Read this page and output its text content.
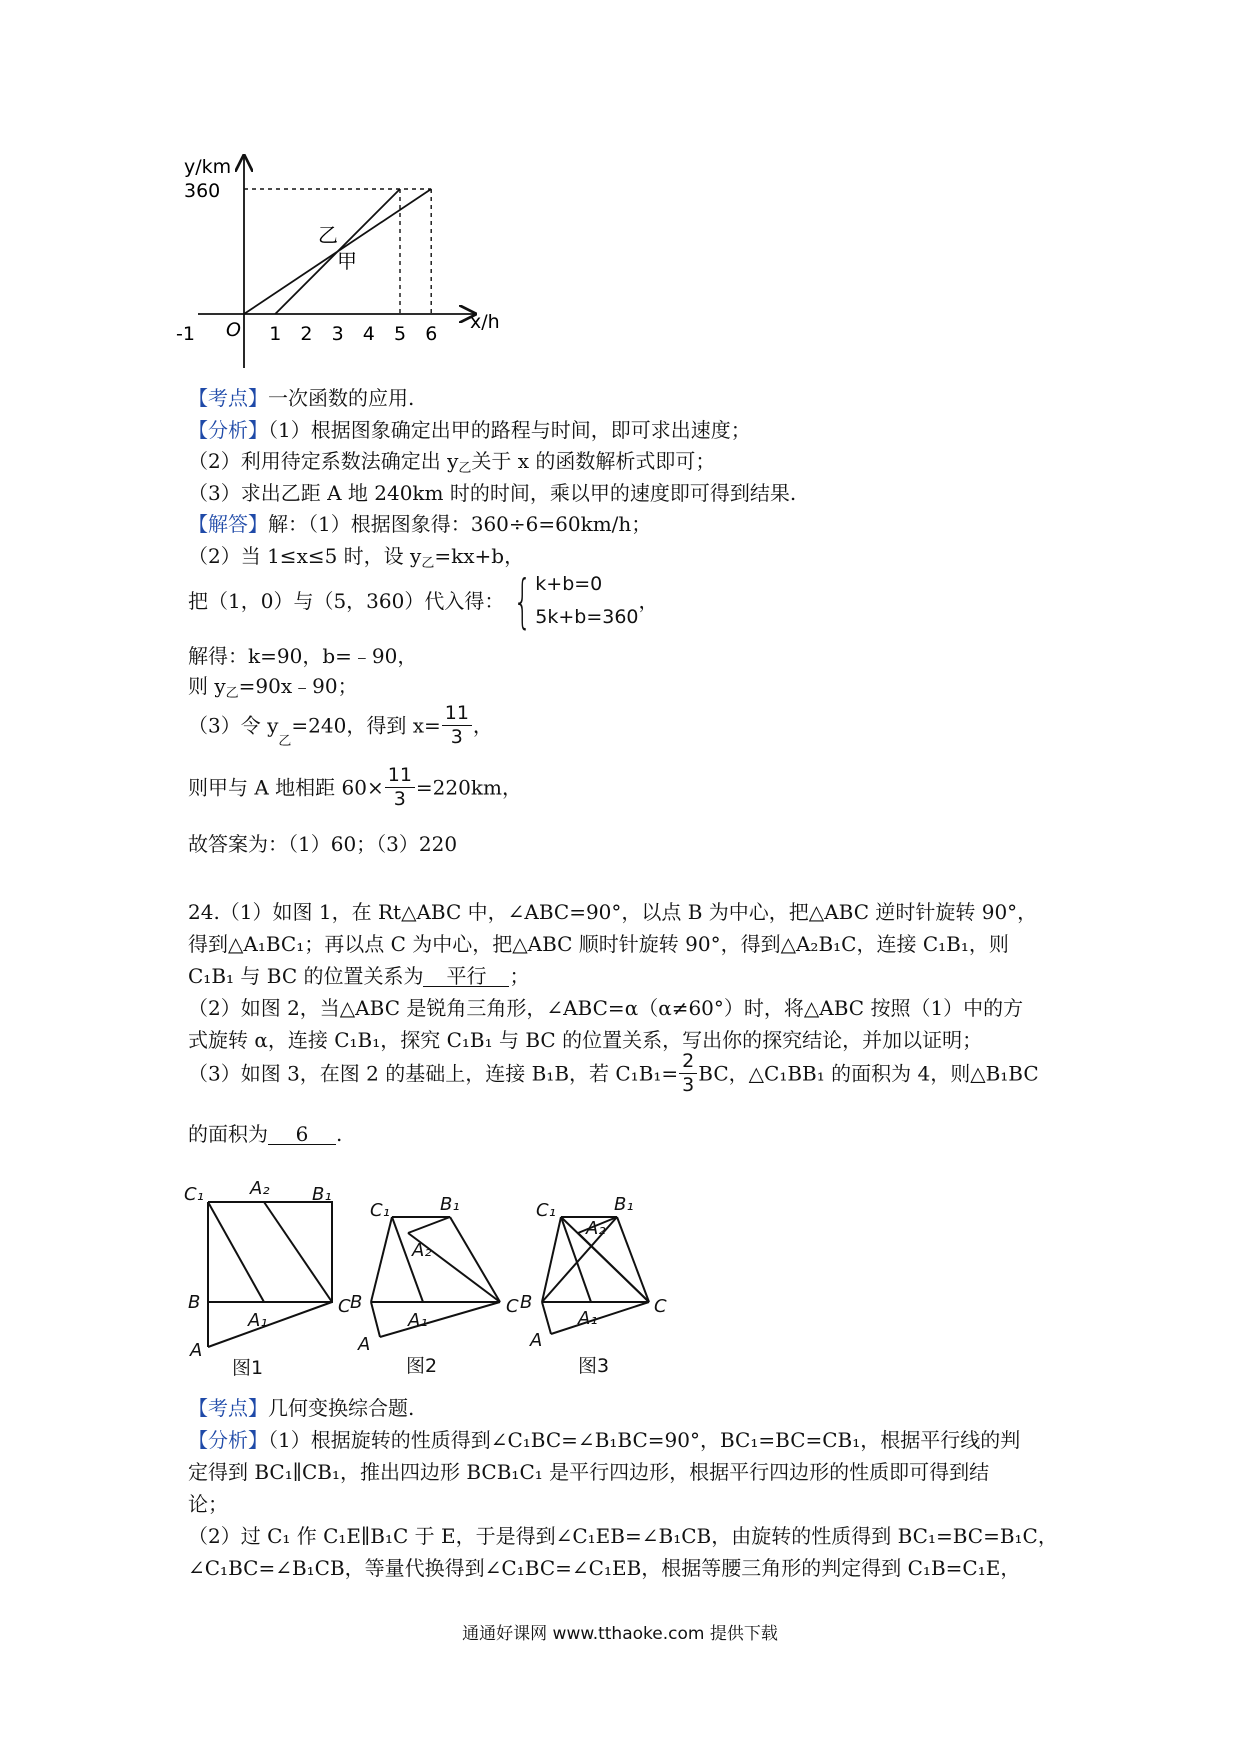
1 2 3 4 5 6
y/km
x/h
360
-1 O
乙
甲
【考点】一次函数的应用.
【分析】（1）根据图象确定出甲的路程与时间，即可求出速度；
（2）利用待定系数法确定出 $y_乙$关于 x 的函数解析式即可；
（3）求出乙距 A 地 240km 时的时间，乘以甲的速度即可得到结果.
【解答】解：（1）根据图象得：360÷6=60km/h；
（2）当 1≤x≤5 时，设 $y_乙=kx+b$，
把（1，0）与（5，360）代入得： { k+b=0
5k+b=360
，
解得：k=90，b=﹣90，
则 $y_乙=90x﹣90$；
（3）令 $y_乙=240$，得到 $x= \frac{11}{3}$ ，
则甲与 A 地相距 $60\times \frac{11}{3} =220km$，
故答案为：（1）60；（3）220
24.（1）如图 1，在 Rt△ABC 中，∠ABC=90°，以点 B 为中心，把△ABC 逆时针旋转 90°，
得到△A₁BC₁；再以点 C 为中心，把△ABC 顺时针旋转 90°，得到△A₂B₁C，连接 C₁B₁，则
C₁B₁ 与 BC 的位置关系为 平行 ；
（2）如图 2，当△ABC 是锐角三角形，∠ABC=α（α≠60°）时，将△ABC 按照（1）中的方
式旋转 α，连接 C₁B₁，探究 C₁B₁ 与 BC 的位置关系，写出你的探究结论，并加以证明；
（3）如图 3，在图 2 的基础上，连接 B₁B，若 $C_1B_1= \frac{2}{3}$ BC，△C₁BB₁ 的面积为 4，则△B₁BC
的面积为 6 .
C₁	A₂ B₁
B
A₁
C
A
C₁	B₁
A₂
B
A₁
C
A
C₁	B₁
A₂
B
A₁
C
A
图1	图2	图3
【考点】几何变换综合题.
【分析】（1）根据旋转的性质得到∠C₁BC=∠B₁BC=90°，BC₁=BC=CB₁，根据平行线的判
定得到 BC₁∥CB₁，推出四边形 BCB₁C₁ 是平行四边形，根据平行四边形的性质即可得到结
论；
（2）过 C₁ 作 C₁E∥B₁C 于 E，于是得到∠C₁EB=∠B₁CB，由旋转的性质得到 BC₁=BC=B₁C，
∠C₁BC=∠B₁CB，等量代换得到∠C₁BC=∠C₁EB，根据等腰三角形的判定得到 C₁B=C₁E，
通通好课网 www.tthaoke.com 提供下载
